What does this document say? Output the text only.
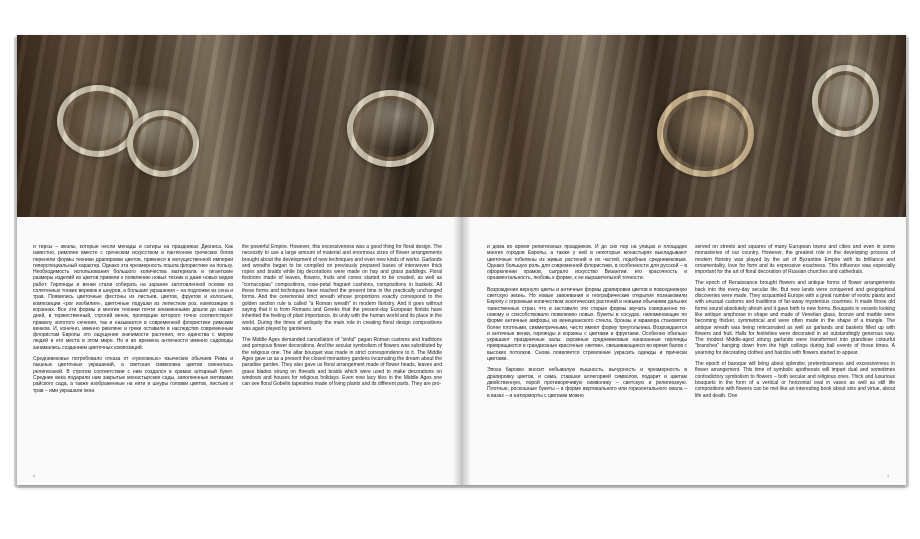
и тирсы – жезлы, которые несли менады и сатиры на праздниках Диониса. Как известно, римляне вместе с греческим искусством и пантеоном греческих богов переняли формы техники драпировки цветов, привнеся в могущественной империи гиперспециальный характер. Однако эта чрезмерность пошла флористике на пользу. Необходимость использования большого количества материала и гигантские размеры изделий из цветов привели к появлению новых техник и даже новых видов работ. Гирлянды и венки стали собирать на заранее заготовленной основе из сплетенных тонких веревок и шнуров, а большие украшения – на подложке из сена и трав. Появились цветочные фестоны из листьев, цветов, фруктов и колосьев, композиции «рог изобилия», цветочные подушки из лепестков роз, композиции в корзинах. Все эти формы и многие техники почти неизменными дошли до наших дней, в торжественный, строгий венок, пропорции которого точно соответствуют правилу золотого сечения, так и называется в современной флористике римским венком. И, конечно, именно римляне и греки оставили в наследство современным флористам Европы это ощущение значимости растения, его единства с миром людей и его места в этом мире. Но и во времена античности именно садоводы занимались созданием цветочных композиций.

Средневековье потребовало отказа от «греховных» языческих обычаев Рима и пышных цветочных украшений, а светская символика цветов сменилась религиозной. В строгом соответствии с ним создался в храмах алтарный букет. Средние века подарили нам закрытые монастырские сады, заполненные мотивами райского сада, а также изображенные на нити и шнуры головки цветов, листьев и трав – ими украшали окна

the powerful Empire. However, this excessiveness was a good thing for floral design. The necessity to use a large amount of material and enormous sizes of flower arrangements brought about the development of new techniques and even new kinds of works. Garlands and wreaths began to be compiled on previously prepared bases of interwoven thick ropes and braids while big decorations were made on hay and grass paddings. Floral festoons made of leaves, flowers, fruits and cones started to be created, as well as "cornucopias" compositions, rose-petal fragrant cushions, compositions in baskets. All these forms and techniques have reached the present time in the practically unchanged forms. And the ceremonial strict wreath whose proportions exactly correspond to the golden section rule is called "a Roman wreath" in modern floristry. And it goes without saying that it is from Romans and Greeks that the present-day European florists have inherited the feeling of plant importance, its unity with the human world and its place in the world. During the times of antiquity the main role in creating floral design compositions was again played by gardeners.

The Middle Ages demanded cancellation of "sinful" pagan Roman customs and traditions and pompous flower decorations. And the secular symbolism of flowers was substituted by the religious one. The altar bouquet was made in strict correspondence to it. The Middle Ages gave us as a present the closed monastery gardens incarnating the dream about the paradise garden. They also gave us floral arrangement made of flower heads, leaves and grass blades strung on threads and braids which were used to make decorations on windows and houses for religious holidays. Even now lacy tiles in the Middle Ages one can see floral Gobelin tapestries made of living plants and its different parts. They are pro-

и дома во время религиозных праздников. И до сих пор на улицах и площадях многих городов Европы, а также у ней в некоторых монастырях выкладывают цветочные гобелены из живых растений и их частей, подобные средневековым. Однако большую роль для современной флористики, в особенности для русской – в оформлении храмов, сыграло искусство Византии: его красочность и орнаментальность, любовь к форме, к ее выразительной точности.

Возрождение вернуло цветы и античные формы драпировки цветов в повседневную светскую жизнь. Но новые завоевания и географические открытия познакомили Европу с огромным количеством экзотических растений и новыми обычаями дальних таинственных стран, что и заставило эти старые формы звучать совершенно по-новому и способствовало появлению новых. Букеты в сосудах, напоминающие по форме античные амфоры, из венецианского стекла, бронзы и мрамора становятся более плотными, симметричными, чисто имеют форму треугольника. Возрождаются и античные венки, гирлянды и корзины с цветами и фруктами. Особенно обильно украшают праздничные залы: скромные средневековые наниэанные гирлянды превращаются в грандиозные красочные «ветви», свешивающиеся во время балов с высоких потолков. Снова появляется стремление украсить одежды и прически цветами.

Эпоха барокко вносит небывалую пышность, вычурность и чрезмерность в драпировку цветов, и сама, ставшая аллегорией символов, подарит и цветам двойственную, порой противоречивую символику – светскую и религиозную. Плотные, роскошные букеты – в форме вертикального или горизонтального овала – в вазах – и натюрморты с цветами можно

served on streets and squares of many European towns and cities and even in some monasteries of our country. However, the greatest role in the developing process of modern floristry was played by the art of Byzantine Empire with its brilliance and ornamentality, love for form and its expressive exactness. This influence was especially important for the art of floral decoration of Russian churches and cathedrals.

The epoch of Renaissance brought flowers and antique forms of flower arrangements back into the every-day secular life. But new lands were conquered and geographical discoveries were made. They acquainted Europe with a great number of exotic plants and with unusual customs and traditions of far-away mysterious countries. It made those old forms sound absolutely afresh and it gave birth to new forms. Bouquets in vessels looking like antique amphorae in shape and made of Venetian glass, bronze and marble were becoming thicker, symmetrical and were often made in the shape of a triangle. The antique wreath was being reincarnated as well as garlands and baskets filled up with flowers and fruit. Halls for festivities were decorated in an outstandingly generous way. The modest Middle-aged strung garlands were transformed into grandiose colourful "branches" hanging down from the high ceilings during ball events of those times. A yearning for decorating clothes and hairdos with flowers started to appear.

The epoch of baroque will bring about splendor, pretentiousness and excessiveness in flower arrangement. This time of symbolic apotheosis will impart dual and sometimes contradictory symbolism to flowers – both secular and religious ones. Thick and luxurious bouquets in the form of a vertical or horizontal oval in vases as well as still life compositions with flowers can be met like an interesting book about sins and virtue, about life and death. One

8	9
